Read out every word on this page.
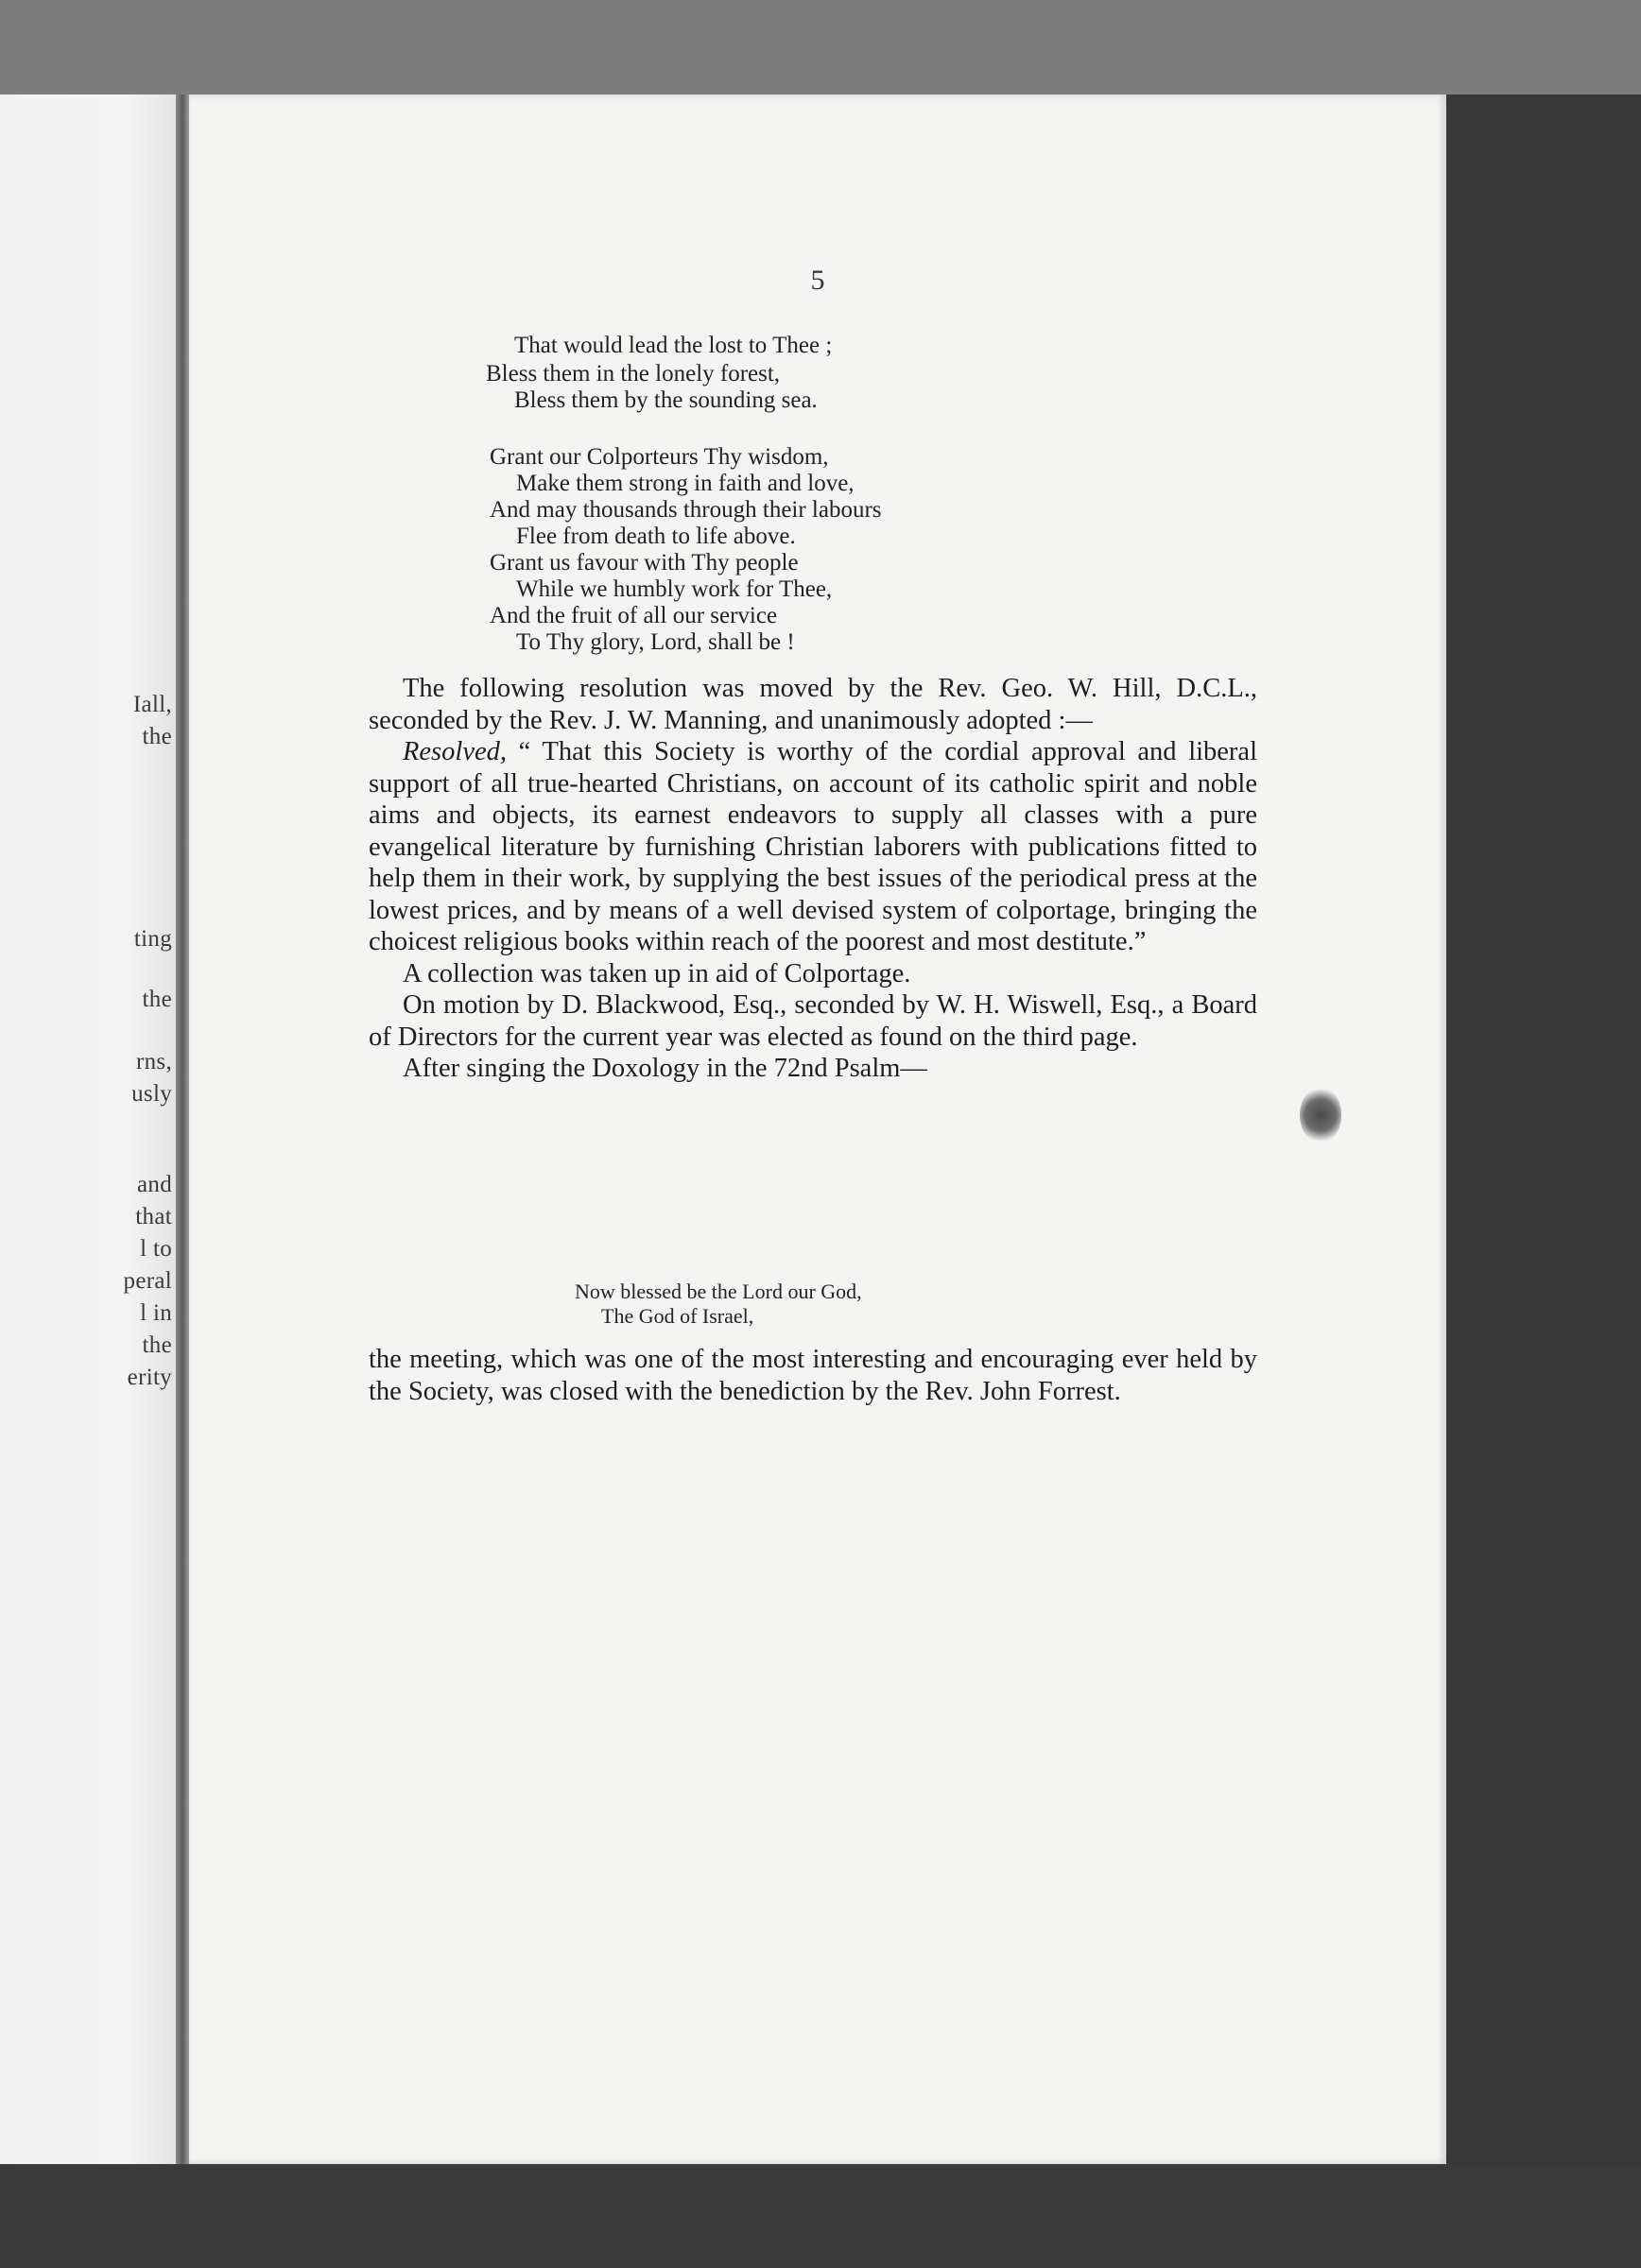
Iall,
the
ting
the
rns,
usly
and
that
l to
peral
l in
the
erity
5
That would lead the lost to Thee ;
Bless them in the lonely forest,
Bless them by the sounding sea.
Grant our Colporteurs Thy wisdom,
Make them strong in faith and love,
And may thousands through their labours
Flee from death to life above.
Grant us favour with Thy people
While we humbly work for Thee,
And the fruit of all our service
To Thy glory, Lord, shall be !

The following resolution was moved by the Rev. Geo. W. Hill, D.C.L., seconded by the Rev. J. W. Manning, and unanimously adopted :—

Resolved, “ That this Society is worthy of the cordial approval and liberal support of all true-hearted Christians, on account of its catholic spirit and noble aims and objects, its earnest endeavors to supply all classes with a pure evangelical literature by furnishing Christian laborers with publications fitted to help them in their work, by supplying the best issues of the periodical press at the lowest prices, and by means of a well devised system of colportage, bringing the choicest religious books within reach of the poorest and most destitute.”

A collection was taken up in aid of Colportage.

On motion by D. Blackwood, Esq., seconded by W. H. Wiswell, Esq., a Board of Directors for the current year was elected as found on the third page.

After singing the Doxology in the 72nd Psalm—

Now blessed be the Lord our God,
The God of Israel,

the meeting, which was one of the most interesting and encouraging ever held by the Society, was closed with the benediction by the Rev. John Forrest.
